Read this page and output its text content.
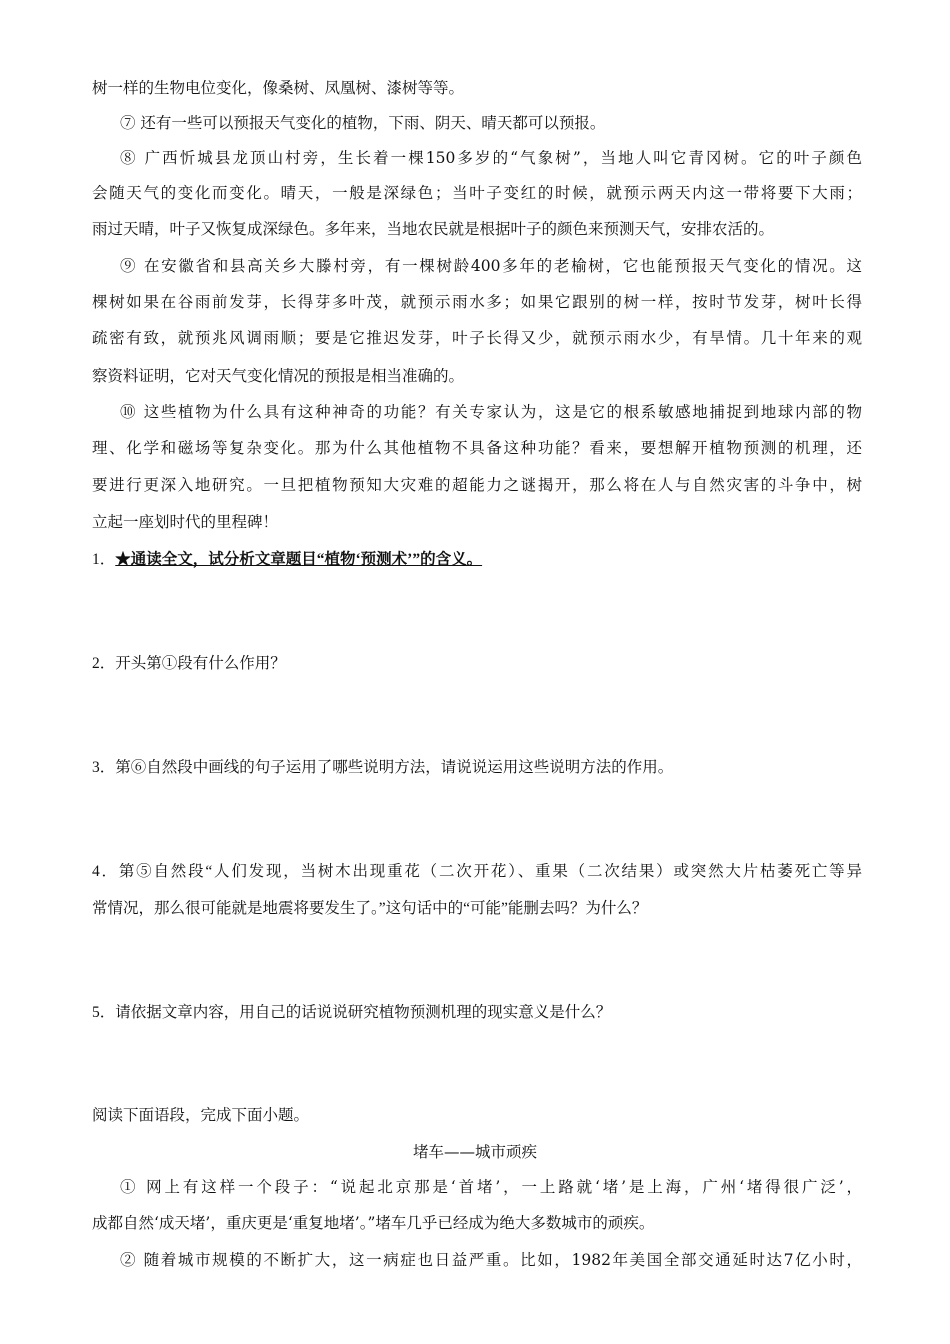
树一样的生物电位变化，像桑树、凤凰树、漆树等等。
⑦ 还有一些可以预报天气变化的植物，下雨、阴天、晴天都可以预报。
⑧ 广西忻城县龙顶山村旁，生长着一棵150多岁的“气象树”，当地人叫它青冈树。它的叶子颜色
会随天气的变化而变化。晴天，一般是深绿色；当叶子变红的时候，就预示两天内这一带将要下大雨；
雨过天晴，叶子又恢复成深绿色。多年来，当地农民就是根据叶子的颜色来预测天气，安排农活的。
⑨ 在安徽省和县高关乡大滕村旁，有一棵树龄400多年的老榆树，它也能预报天气变化的情况。这
棵树如果在谷雨前发芽，长得芽多叶茂，就预示雨水多；如果它跟别的树一样，按时节发芽，树叶长得
疏密有致，就预兆风调雨顺；要是它推迟发芽，叶子长得又少，就预示雨水少，有旱情。几十年来的观
察资料证明，它对天气变化情况的预报是相当准确的。
⑩ 这些植物为什么具有这种神奇的功能？有关专家认为，这是它的根系敏感地捕捉到地球内部的物
理、化学和磁场等复杂变化。那为什么其他植物不具备这种功能？看来，要想解开植物预测的机理，还
要进行更深入地研究。一旦把植物预知大灾难的超能力之谜揭开，那么将在人与自然灾害的斗争中，树
立起一座划时代的里程碑！
1．★通读全文，试分析文章题目“植物‘预测术’”的含义。
2．开头第①段有什么作用？
3．第⑥自然段中画线的句子运用了哪些说明方法，请说说运用这些说明方法的作用。
4．第⑤自然段“人们发现，当树木出现重花（二次开花）、重果（二次结果）或突然大片枯萎死亡等异
常情况，那么很可能就是地震将要发生了。”这句话中的“可能”能删去吗？为什么？
5．请依据文章内容，用自己的话说说研究植物预测机理的现实意义是什么？
阅读下面语段，完成下面小题。
堵车——城市顽疾
① 网上有这样一个段子：“说起北京那是‘首堵’，一上路就‘堵’是上海，广州‘堵得很广泛’，
成都自然‘成天堵’，重庆更是‘重复地堵’。”堵车几乎已经成为绝大多数城市的顽疾。
② 随着城市规模的不断扩大，这一病症也日益严重。比如，1982年美国全部交通延时达7亿小时，
